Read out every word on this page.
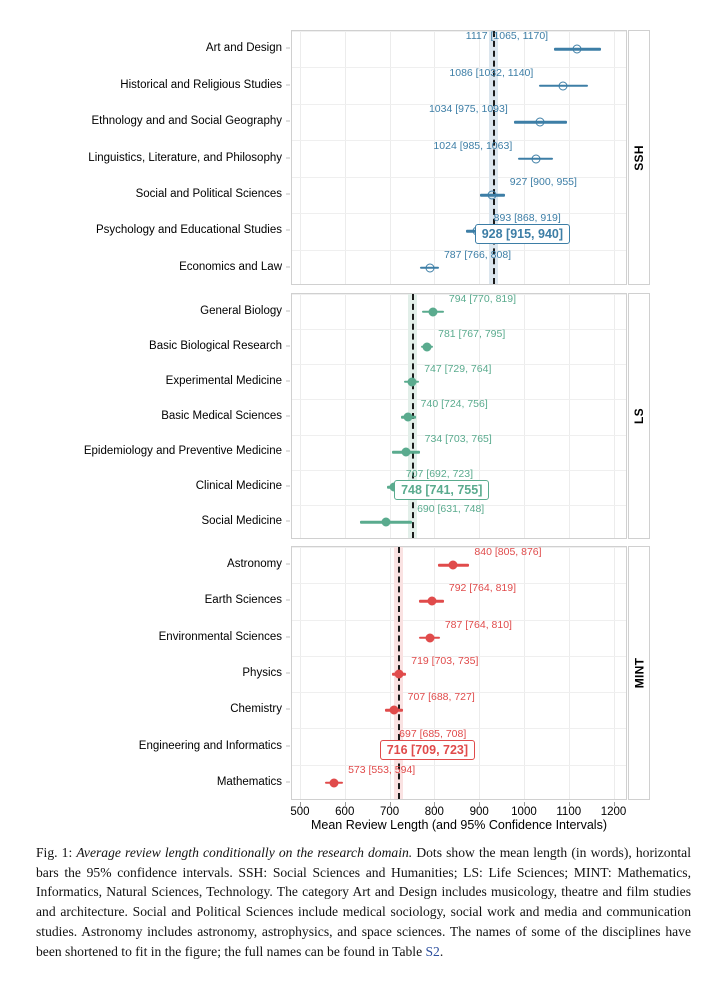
1117 [1065, 1170]
1086 [1032, 1140]
1034 [975, 1093]
1024 [985, 1063]
927 [900, 955]
893 [868, 919]
787 [766, 808]
Art and Design
Historical and Religious Studies
Ethnology and and Social Geography
Linguistics, Literature, and Philosophy
Social and Political Sciences
Psychology and Educational Studies
Economics and Law
928 [915, 940]
SSH
794 [770, 819]
781 [767, 795]
747 [729, 764]
740 [724, 756]
734 [703, 765]
707 [692, 723]
690 [631, 748]
General Biology
Basic Biological Research
Experimental Medicine
Basic Medical Sciences
Epidemiology and Preventive Medicine
Clinical Medicine
Social Medicine
748 [741, 755]
LS
840 [805, 876]
792 [764, 819]
787 [764, 810]
719 [703, 735]
707 [688, 727]
697 [685, 708]
573 [553, 594]
Astronomy
Earth Sciences
Environmental Sciences
Physics
Chemistry
Engineering and Informatics
Mathematics
716 [709, 723]
MINT
500 600 700 800 900 1000 1100 1200
Mean Review Length (and 95% Confidence Intervals)
Fig. 1: Average review length conditionally on the research domain. Dots show the mean length (in words), horizontal bars the 95% confidence intervals. SSH: Social Sciences and Humanities; LS: Life Sciences; MINT: Mathematics, Informatics, Natural Sciences, Technology. The category Art and Design includes musicology, theatre and film studies and architecture. Social and Political Sciences include medical sociology, social work and media and communication studies. Astronomy includes astronomy, astrophysics, and space sciences. The names of some of the disciplines have been shortened to fit in the figure; the full names can be found in Table S2.
